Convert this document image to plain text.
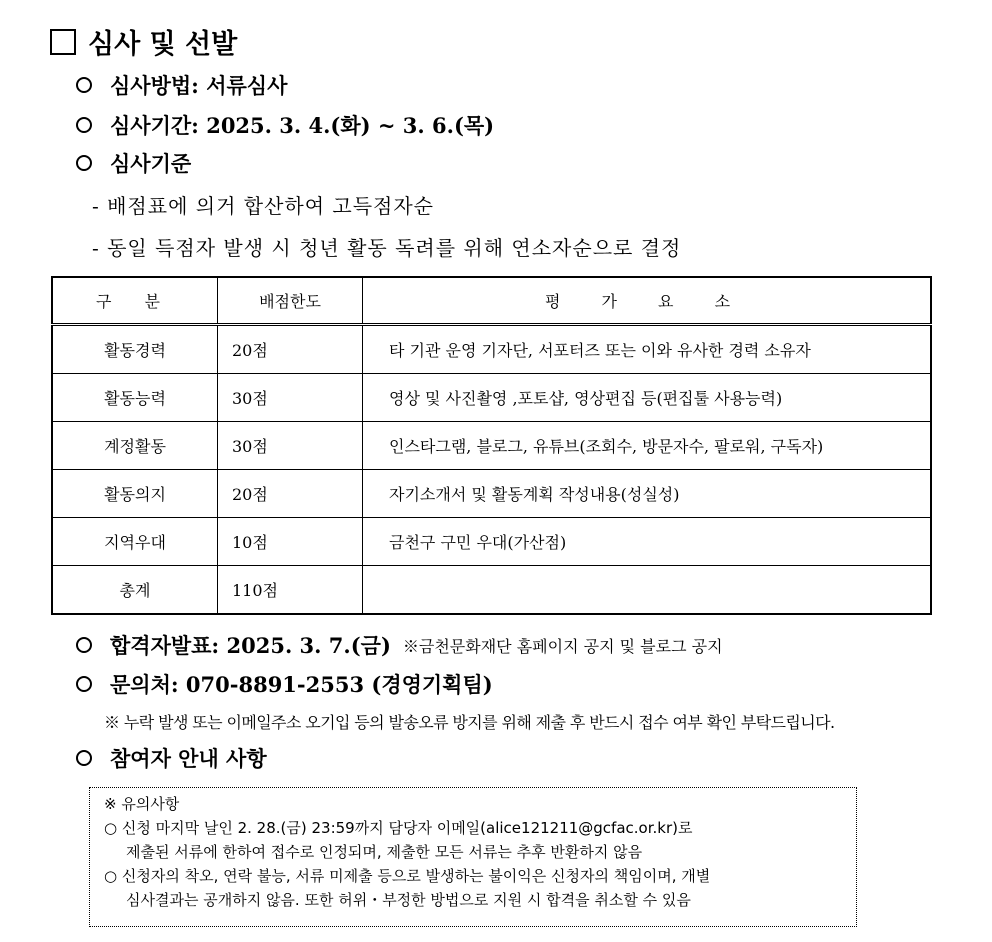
심사 및 선발
심사방법: 서류심사
심사기간: 2025. 3. 4.(화) ~ 3. 6.(목)
심사기준
- 배점표에 의거 합산하여 고득점자순
- 동일 득점자 발생 시 청년 활동 독려를 위해 연소자순으로 결정
구 분	배점한도	평 가 요 소
활동경력	20점	타 기관 운영 기자단, 서포터즈 또는 이와 유사한 경력 소유자
활동능력	30점	영상 및 사진촬영 ,포토샵, 영상편집 등(편집툴 사용능력)
계정활동	30점	인스타그램, 블로그, 유튜브(조회수, 방문자수, 팔로워, 구독자)
활동의지	20점	자기소개서 및 활동계획 작성내용(성실성)
지역우대	10점	금천구 구민 우대(가산점)
총계	110점	
합격자발표: 2025. 3. 7.(금) ※금천문화재단 홈페이지 공지 및 블로그 공지
문의처: 070-8891-2553 (경영기획팀)
※ 누락 발생 또는 이메일주소 오기입 등의 발송오류 방지를 위해 제출 후 반드시 접수 여부 확인 부탁드립니다.
참여자 안내 사항
※ 유의사항
○ 신청 마지막 날인 2. 28.(금) 23:59까지 담당자 이메일(alice121211@gcfac.or.kr)로
제출된 서류에 한하여 접수로 인정되며, 제출한 모든 서류는 추후 반환하지 않음
○ 신청자의 착오, 연락 불능, 서류 미제출 등으로 발생하는 불이익은 신청자의 책임이며, 개별
심사결과는 공개하지 않음. 또한 허위・부정한 방법으로 지원 시 합격을 취소할 수 있음
